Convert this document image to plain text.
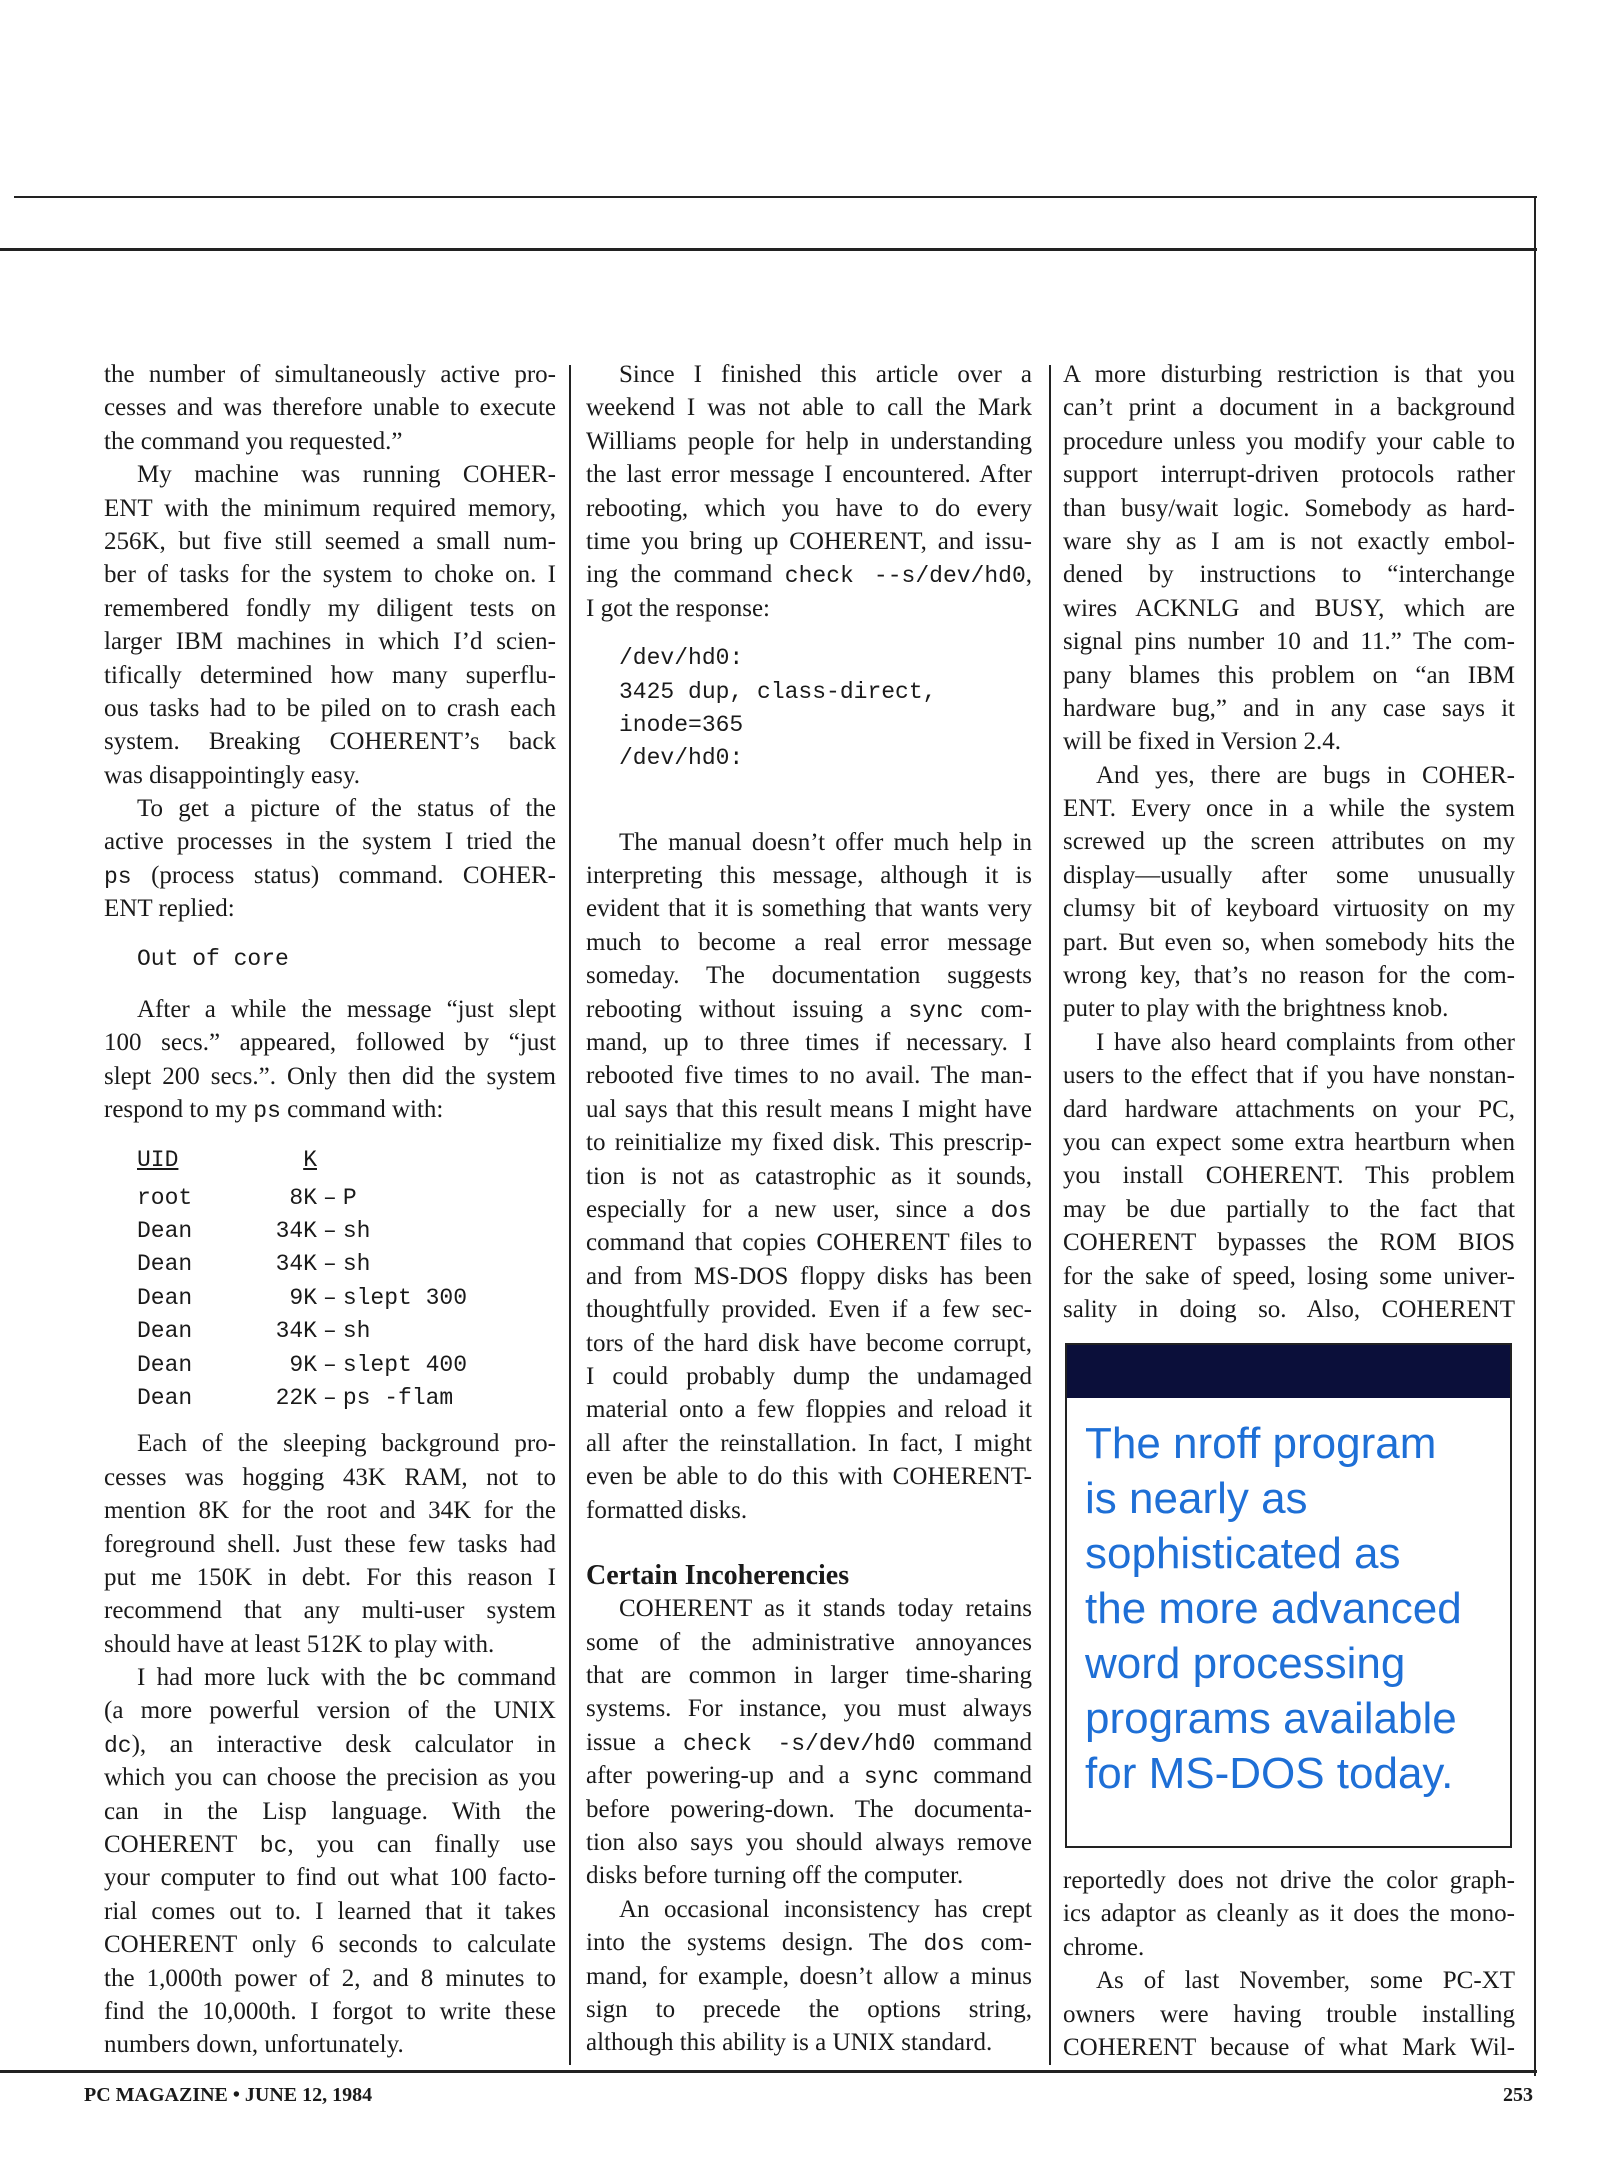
the number of simultaneously active pro-
cesses and was therefore unable to execute
the command you requested.”
My machine was running COHER-
ENT with the minimum required memory,
256K, but five still seemed a small num-
ber of tasks for the system to choke on. I
remembered fondly my diligent tests on
larger IBM machines in which I’d scien-
tifically determined how many superflu-
ous tasks had to be piled on to crash each
system. Breaking COHERENT’s back
was disappointingly easy.
To get a picture of the status of the
active processes in the system I tried the
ps (process status) command. COHER-
ENT replied:
Out of core
After a while the message “just slept
100 secs.” appeared, followed by “just
slept 200 secs.”. Only then did the system
respond to my ps command with:
UID	K
root	8K – P
Dean	34K – sh
Dean	34K – sh
Dean	9K – slept 300
Dean	34K – sh
Dean	9K – slept 400
Dean	22K – ps -flam
Each of the sleeping background pro-
cesses was hogging 43K RAM, not to
mention 8K for the root and 34K for the
foreground shell. Just these few tasks had
put me 150K in debt. For this reason I
recommend that any multi-user system
should have at least 512K to play with.
I had more luck with the bc command
(a more powerful version of the UNIX
dc), an interactive desk calculator in
which you can choose the precision as you
can in the Lisp language. With the
COHERENT bc, you can finally use
your computer to find out what 100 facto-
rial comes out to. I learned that it takes
COHERENT only 6 seconds to calculate
the 1,000th power of 2, and 8 minutes to
find the 10,000th. I forgot to write these
numbers down, unfortunately.
Since I finished this article over a
weekend I was not able to call the Mark
Williams people for help in understanding
the last error message I encountered. After
rebooting, which you have to do every
time you bring up COHERENT, and issu-
ing the command check --s/dev/hd0,
I got the response:
/dev/hd0:
3425 dup, class-direct,
inode=365
/dev/hd0:
The manual doesn’t offer much help in
interpreting this message, although it is
evident that it is something that wants very
much to become a real error message
someday. The documentation suggests
rebooting without issuing a sync com-
mand, up to three times if necessary. I
rebooted five times to no avail. The man-
ual says that this result means I might have
to reinitialize my fixed disk. This prescrip-
tion is not as catastrophic as it sounds,
especially for a new user, since a dos
command that copies COHERENT files to
and from MS-DOS floppy disks has been
thoughtfully provided. Even if a few sec-
tors of the hard disk have become corrupt,
I could probably dump the undamaged
material onto a few floppies and reload it
all after the reinstallation. In fact, I might
even be able to do this with COHERENT-
formatted disks.
Certain Incoherencies
COHERENT as it stands today retains
some of the administrative annoyances
that are common in larger time-sharing
systems. For instance, you must always
issue a check -s/dev/hd0 command
after powering-up and a sync command
before powering-down. The documenta-
tion also says you should always remove
disks before turning off the computer.
An occasional inconsistency has crept
into the systems design. The dos com-
mand, for example, doesn’t allow a minus
sign to precede the options string,
although this ability is a UNIX standard.
A more disturbing restriction is that you
can’t print a document in a background
procedure unless you modify your cable to
support interrupt-driven protocols rather
than busy/wait logic. Somebody as hard-
ware shy as I am is not exactly embol-
dened by instructions to “interchange
wires ACKNLG and BUSY, which are
signal pins number 10 and 11.” The com-
pany blames this problem on “an IBM
hardware bug,” and in any case says it
will be fixed in Version 2.4.
And yes, there are bugs in COHER-
ENT. Every once in a while the system
screwed up the screen attributes on my
display—usually after some unusually
clumsy bit of keyboard virtuosity on my
part. But even so, when somebody hits the
wrong key, that’s no reason for the com-
puter to play with the brightness knob.
I have also heard complaints from other
users to the effect that if you have nonstan-
dard hardware attachments on your PC,
you can expect some extra heartburn when
you install COHERENT. This problem
may be due partially to the fact that
COHERENT bypasses the ROM BIOS
for the sake of speed, losing some univer-
sality in doing so. Also, COHERENT
reportedly does not drive the color graph-
ics adaptor as cleanly as it does the mono-
chrome.
As of last November, some PC-XT
owners were having trouble installing
COHERENT because of what Mark Wil-
The nroff program
is nearly as
sophisticated as
the more advanced
word processing
programs available
for MS-DOS today.
PC MAGAZINE • JUNE 12, 1984	253
